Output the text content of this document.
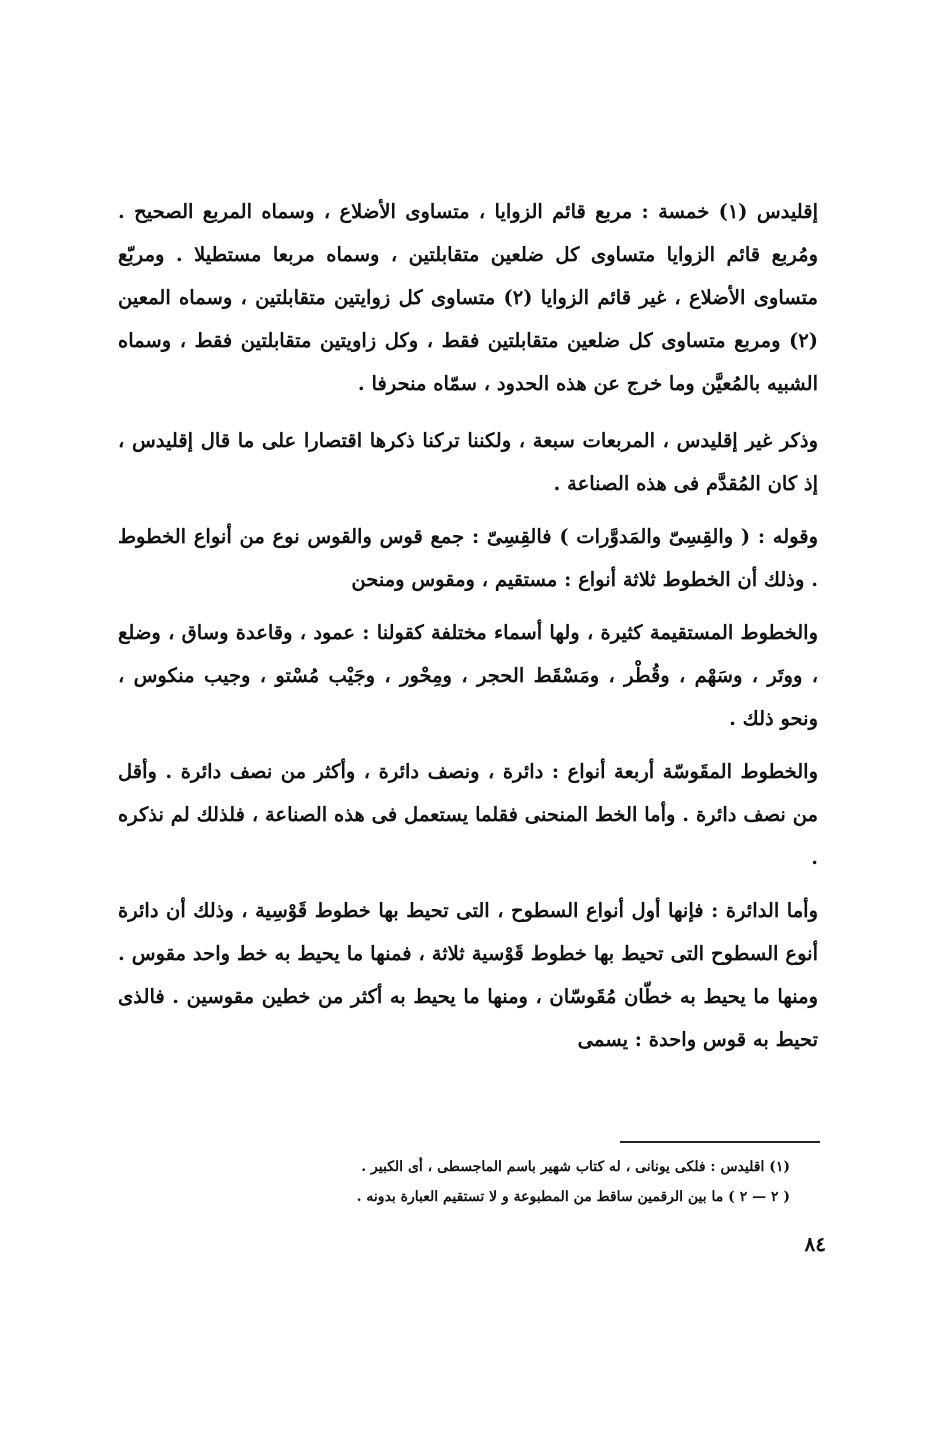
إقليدس (١) خمسة : مربع قائم الزوايا ، متساوى الأضلاع ، وسماه المربع الصحيح . ومُربع قائم الزوايا متساوى كل ضلعين متقابلتين ، وسماه مربعا مستطيلا . ومربّع متساوى الأضلاع ، غير قائم الزوايا (٢) متساوى كل زوايتين متقابلتين ، وسماه المعين (٢) ومربع متساوى كل ضلعين متقابلتين فقط ، وكل زاويتين متقابلتين فقط ، وسماه الشبيه بالمُعيَّن وما خرج عن هذه الحدود ، سمّاه منحرفا .

وذكر غير إقليدس ، المربعات سبعة ، ولكننا تركنا ذكرها اقتصارا على ما قال إقليدس ، إذ كان المُقدَّم فى هذه الصناعة .

وقوله : ( والقِسِىّ والمَدوَّرات ) فالقِسِىّ : جمع قوس والقوس نوع من أنواع الخطوط . وذلك أن الخطوط ثلاثة أنواع : مستقيم ، ومقوس ومنحن

والخطوط المستقيمة كثيرة ، ولها أسماء مختلفة كقولنا : عمود ، وقاعدة وساق ، وضلع ، ووتَر ، وسَهْم ، وقُطْر ، ومَسْقَط الحجر ، ومِحْور ، وجَيْب مُسْتو ، وجيب منكوس ، ونحو ذلك .

والخطوط المقَوسّة أربعة أنواع : دائرة ، ونصف دائرة ، وأكثر من نصف دائرة . وأقل من نصف دائرة . وأما الخط المنحنى فقلما يستعمل فى هذه الصناعة ، فلذلك لم نذكره .

وأما الدائرة : فإنها أول أنواع السطوح ، التى تحيط بها خطوط قَوْسِية ، وذلك أن دائرة أنوع السطوح التى تحيط بها خطوط قَوْسية ثلاثة ، فمنها ما يحيط به خط واحد مقوس . ومنها ما يحيط به خطّان مُقَوسّان ، ومنها ما يحيط به أكثر من خطين مقوسين . فالذى تحيط به قوس واحدة : يسمى

(١) اقليدس : فلكى يونانى ، له كتاب شهير باسم الماجسطى ، أى الكبير .
( ٢ — ٢ ) ما بين الرقمين ساقط من المطبوعة و لا تستقيم العبارة بدونه .
٨٤
